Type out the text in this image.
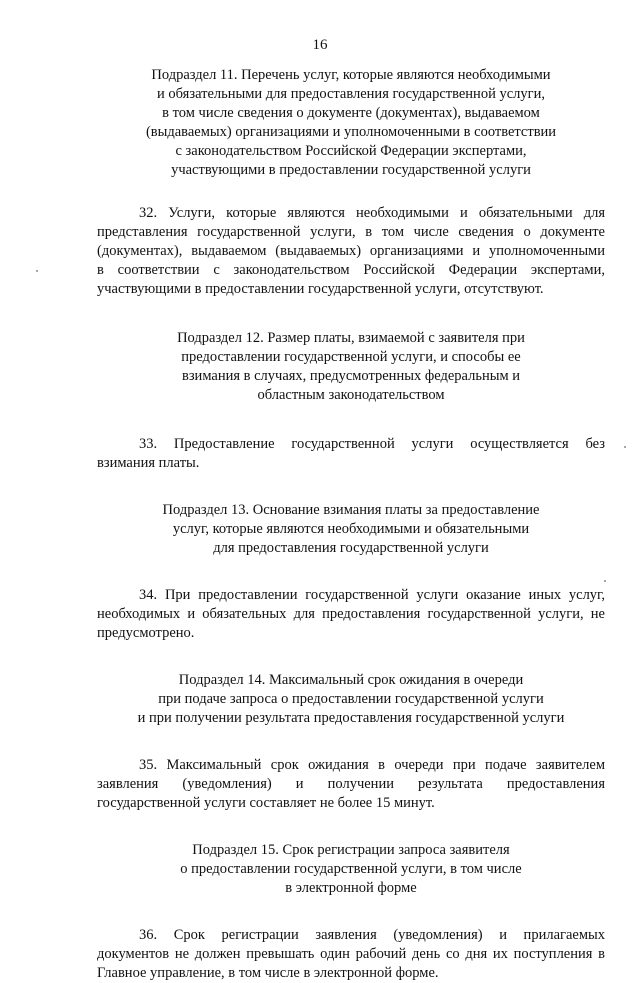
16
Подраздел 11. Перечень услуг, которые являются необходимыми
и обязательными для предоставления государственной услуги,
в том числе сведения о документе (документах), выдаваемом
(выдаваемых) организациями и уполномоченными в соответствии
с законодательством Российской Федерации экспертами,
участвующими в предоставлении государственной услуги
32. Услуги, которые являются необходимыми и обязательными для
представления государственной услуги, в том числе сведения о документе
(документах), выдаваемом (выдаваемых) организациями и уполномоченными
в соответствии с законодательством Российской Федерации экспертами,
участвующими в предоставлении государственной услуги, отсутствуют.
Подраздел 12. Размер платы, взимаемой с заявителя при
предоставлении государственной услуги, и способы ее
взимания в случаях, предусмотренных федеральным и
областным законодательством
33. Предоставление государственной услуги осуществляется без
взимания платы.
Подраздел 13. Основание взимания платы за предоставление
услуг, которые являются необходимыми и обязательными
для предоставления государственной услуги
34. При предоставлении государственной услуги оказание иных услуг,
необходимых и обязательных для предоставления государственной услуги, не
предусмотрено.
Подраздел 14. Максимальный срок ожидания в очереди
при подаче запроса о предоставлении государственной услуги
и при получении результата предоставления государственной услуги
35. Максимальный срок ожидания в очереди при подаче заявителем
заявления (уведомления) и получении результата предоставления
государственной услуги составляет не более 15 минут.
Подраздел 15. Срок регистрации запроса заявителя
о предоставлении государственной услуги, в том числе
в электронной форме
36. Срок регистрации заявления (уведомления) и прилагаемых
документов не должен превышать один рабочий день со дня их поступления в
Главное управление, в том числе в электронной форме.
